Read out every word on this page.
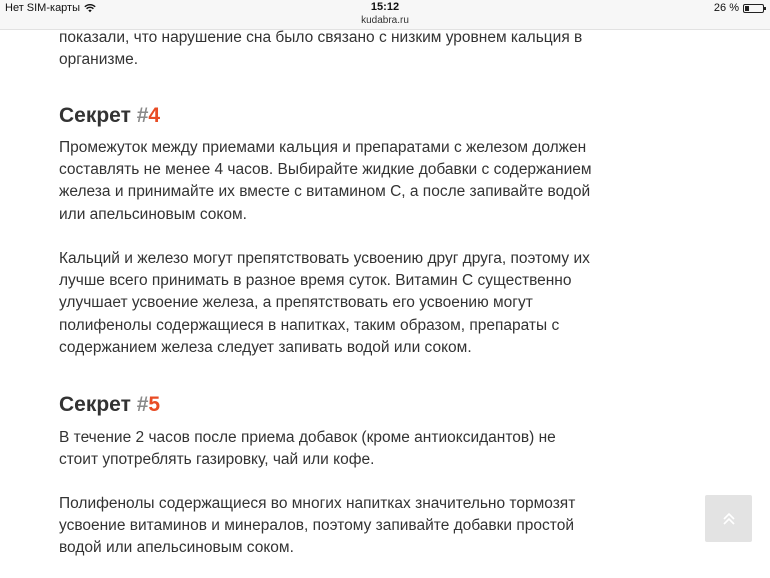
Нет SIM-карты	15:12
kudabra.ru
26 %

показали, что нарушение сна было связано с низким уровнем кальция в организме.

Секрет #4

Промежуток между приемами кальция и препаратами с железом должен составлять не менее 4 часов. Выбирайте жидкие добавки с содержанием железа и принимайте их вместе с витамином С, а после запивайте водой или апельсиновым соком.

Кальций и железо могут препятствовать усвоению друг друга, поэтому их лучше всего принимать в разное время суток. Витамин С существенно улучшает усвоение железа, а препятствовать его усвоению могут полифенолы содержащиеся в напитках, таким образом, препараты с содержанием железа следует запивать водой или соком.

Секрет #5

В течение 2 часов после приема добавок (кроме антиоксидантов) не стоит употреблять газировку, чай или кофе.

Полифенолы содержащиеся во многих напитках значительно тормозят усвоение витаминов и минералов, поэтому запивайте добавки простой водой или апельсиновым соком.
